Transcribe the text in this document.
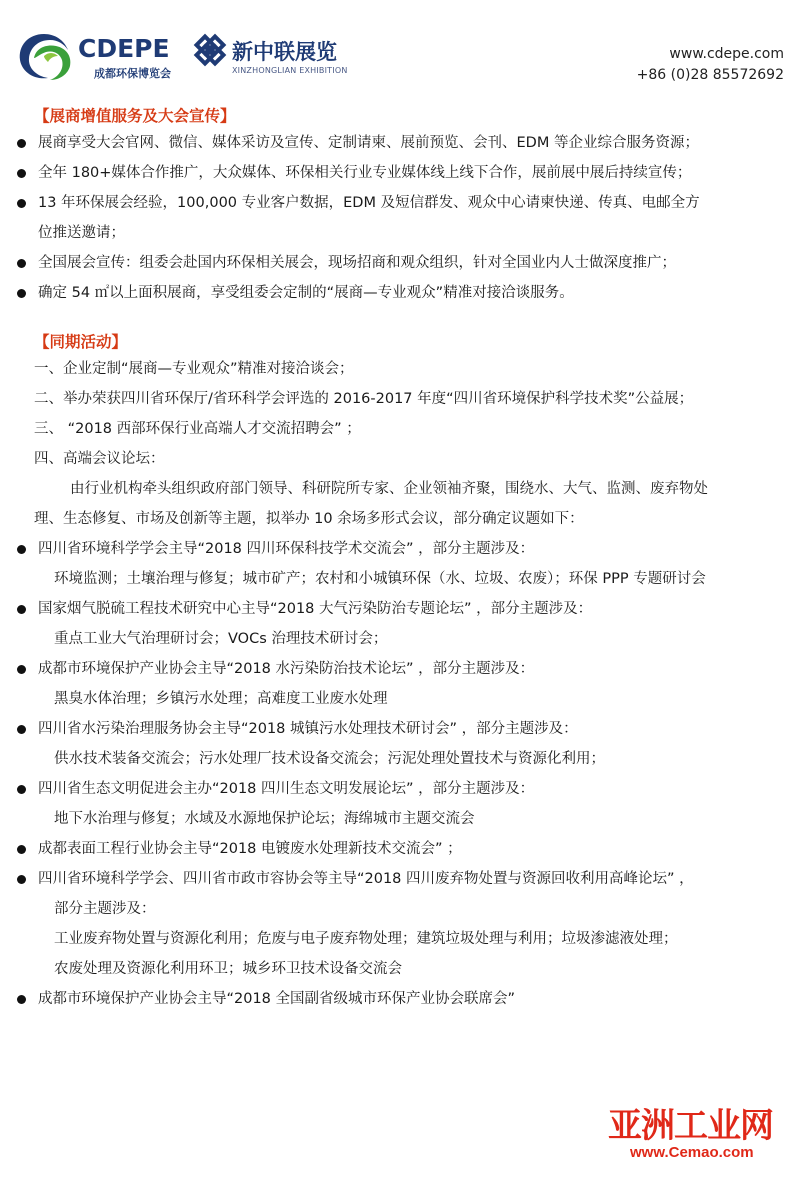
CDEPE
成都环保博览会
新中联展览
XINZHONGLIAN EXHIBITION
www.cdepe.com
+86 (0)28 85572692
【展商增值服务及大会宣传】
展商享受大会官网、微信、媒体采访及宣传、定制请柬、展前预览、会刊、EDM 等企业综合服务资源；
全年 180+媒体合作推广，大众媒体、环保相关行业专业媒体线上线下合作，展前展中展后持续宣传；
13 年环保展会经验，100,000 专业客户数据，EDM 及短信群发、观众中心请柬快递、传真、电邮全方
位推送邀请；
全国展会宣传：组委会赴国内环保相关展会，现场招商和观众组织，针对全国业内人士做深度推广；
确定 54 ㎡以上面积展商，享受组委会定制的“展商—专业观众”精准对接洽谈服务。
【同期活动】
一、企业定制“展商—专业观众”精准对接洽谈会；
二、举办荣获四川省环保厅/省环科学会评选的 2016-2017 年度“四川省环境保护科学技术奖”公益展；
三、 “2018 西部环保行业高端人才交流招聘会” ；
四、高端会议论坛：
由行业机构牵头组织政府部门领导、科研院所专家、企业领袖齐聚，围绕水、大气、监测、废弃物处
理、生态修复、市场及创新等主题，拟举办 10 余场多形式会议，部分确定议题如下：
四川省环境科学学会主导“2018 四川环保科技学术交流会” ，部分主题涉及：
环境监测；土壤治理与修复；城市矿产；农村和小城镇环保（水、垃圾、农废）；环保 PPP 专题研讨会
国家烟气脱硫工程技术研究中心主导“2018 大气污染防治专题论坛” ，部分主题涉及：
重点工业大气治理研讨会；VOCs 治理技术研讨会；
成都市环境保护产业协会主导“2018 水污染防治技术论坛” ，部分主题涉及：
黑臭水体治理；乡镇污水处理；高难度工业废水处理
四川省水污染治理服务协会主导“2018 城镇污水处理技术研讨会” ，部分主题涉及：
供水技术装备交流会；污水处理厂技术设备交流会；污泥处理处置技术与资源化利用；
四川省生态文明促进会主办“2018 四川生态文明发展论坛” ，部分主题涉及：
地下水治理与修复；水域及水源地保护论坛；海绵城市主题交流会
成都表面工程行业协会主导“2018 电镀废水处理新技术交流会” ；
四川省环境科学学会、四川省市政市容协会等主导“2018 四川废弃物处置与资源回收利用高峰论坛” ，
部分主题涉及：
工业废弃物处置与资源化利用；危废与电子废弃物处理；建筑垃圾处理与利用；垃圾渗滤液处理；
农废处理及资源化利用环卫；城乡环卫技术设备交流会
成都市环境保护产业协会主导“2018 全国副省级城市环保产业协会联席会”
亚洲工业网
www.Cemao.com
